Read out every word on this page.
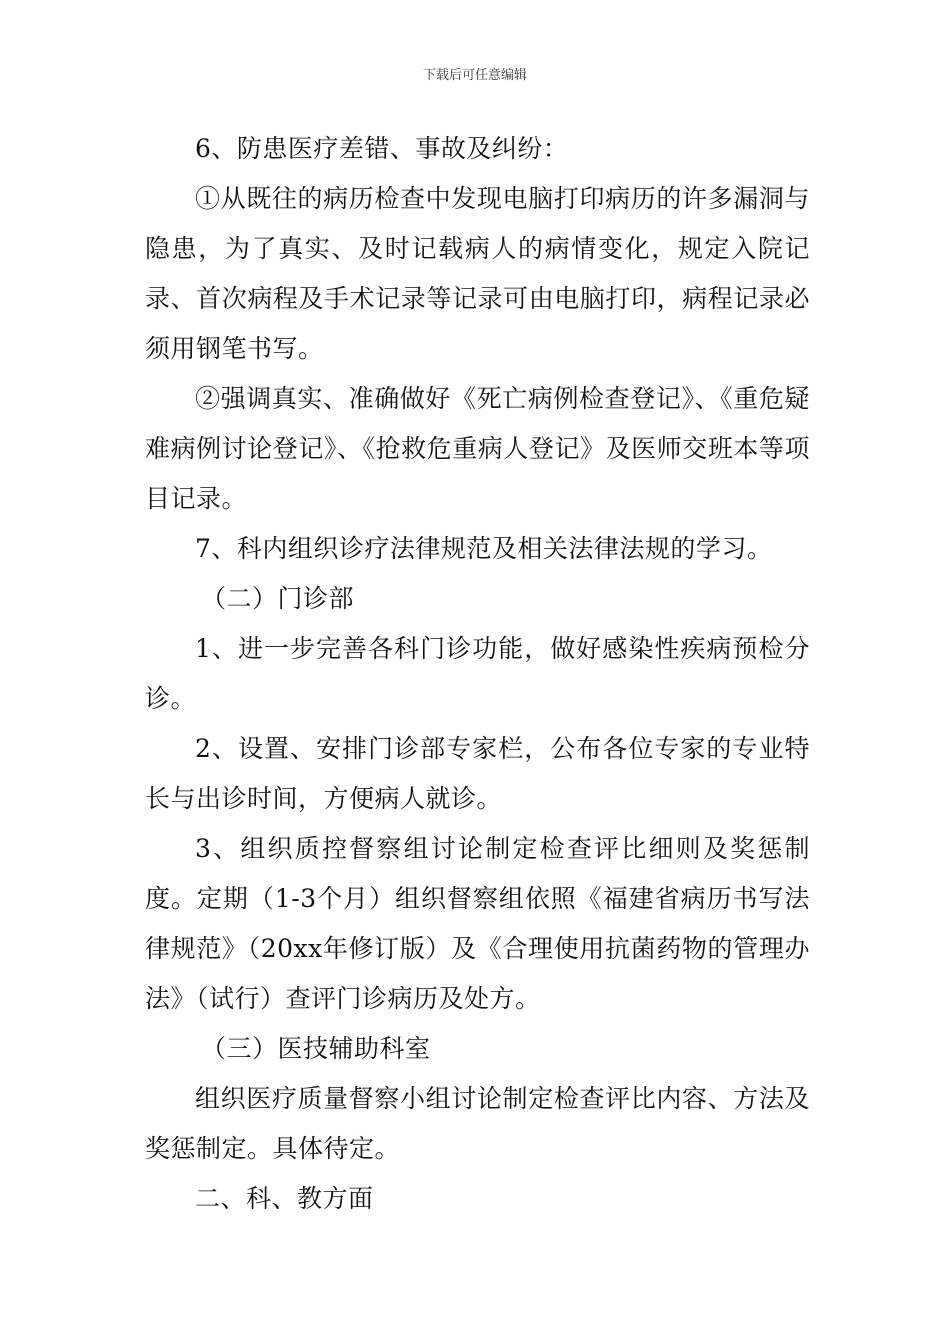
下载后可任意编辑

6、防患医疗差错、事故及纠纷：

①从既往的病历检查中发现电脑打印病历的许多漏洞与隐患，为了真实、及时记载病人的病情变化，规定入院记录、首次病程及手术记录等记录可由电脑打印，病程记录必须用钢笔书写。

②强调真实、准确做好《死亡病例检查登记》、《重危疑难病例讨论登记》、《抢救危重病人登记》及医师交班本等项目记录。

7、科内组织诊疗法律规范及相关法律法规的学习。

（二）门诊部

1、进一步完善各科门诊功能，做好感染性疾病预检分诊。

2、设置、安排门诊部专家栏，公布各位专家的专业特长与出诊时间，方便病人就诊。

3、组织质控督察组讨论制定检查评比细则及奖惩制度。定期（1-3个月）组织督察组依照《福建省病历书写法律规范》（20xx年修订版）及《合理使用抗菌药物的管理办法》（试行）查评门诊病历及处方。

（三）医技辅助科室

组织医疗质量督察小组讨论制定检查评比内容、方法及奖惩制定。具体待定。

二、科、教方面
